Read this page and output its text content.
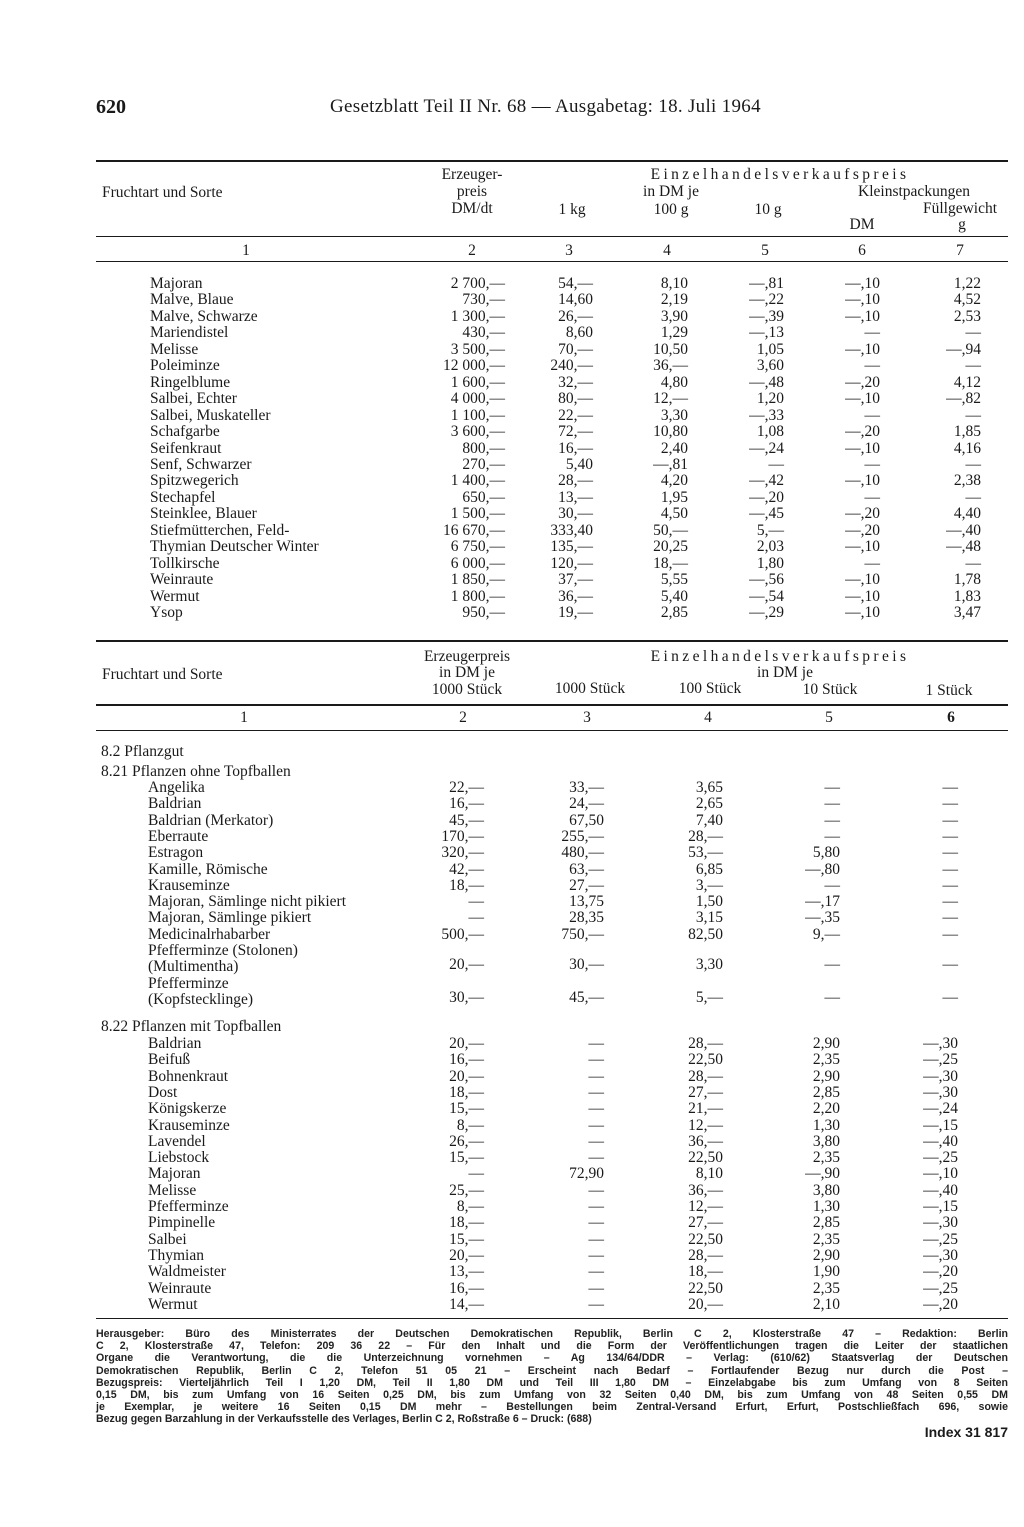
620	Gesetzblatt Teil II Nr. 68 — Ausgabetag: 18. Juli 1964
Fruchtart und Sorte
Erzeuger-
preis
DM/dt
Einzelhandelsverkaufspreis
in DM je
1 kg	100 g	10 g
Kleinstpackungen
Füllgewicht
DM	g
1	2	3	4	5	6	7
Majoran	2 700,—	54,—	8,10	—,81	—,10	1,22
Malve, Blaue	730,—	14,60	2,19	—,22	—,10	4,52
Malve, Schwarze	1 300,—	26,—	3,90	—,39	—,10	2,53
Mariendistel	430,—	8,60	1,29	—,13	—	—
Melisse	3 500,—	70,—	10,50	1,05	—,10	—,94
Poleiminze	12 000,—	240,—	36,—	3,60	—	—
Ringelblume	1 600,—	32,—	4,80	—,48	—,20	4,12
Salbei, Echter	4 000,—	80,—	12,—	1,20	—,10	—,82
Salbei, Muskateller	1 100,—	22,—	3,30	—,33	—	—
Schafgarbe	3 600,—	72,—	10,80	1,08	—,20	1,85
Seifenkraut	800,—	16,—	2,40	—,24	—,10	4,16
Senf, Schwarzer	270,—	5,40	—,81	—	—	—
Spitzwegerich	1 400,—	28,—	4,20	—,42	—,10	2,38
Stechapfel	650,—	13,—	1,95	—,20	—	—
Steinklee, Blauer	1 500,—	30,—	4,50	—,45	—,20	4,40
Stiefmütterchen, Feld-	16 670,—	333,40	50,—	5,—	—,20	—,40
Thymian Deutscher Winter	6 750,—	135,—	20,25	2,03	—,10	—,48
Tollkirsche	6 000,—	120,—	18,—	1,80	—	—
Weinraute	1 850,—	37,—	5,55	—,56	—,10	1,78
Wermut	1 800,—	36,—	5,40	—,54	—,10	1,83
Ysop	950,—	19,—	2,85	—,29	—,10	3,47
Fruchtart und Sorte
Erzeugerpreis
in DM je
1000 Stück
Einzelhandelsverkaufspreis
in DM je
1000 Stück	100 Stück	10 Stück	1 Stück
1	2	3	4	5	6
8.2 Pflanzgut
8.21 Pflanzen ohne Topfballen
Angelika	22,—	33,—	3,65	—	—
Baldrian	16,—	24,—	2,65	—	—
Baldrian (Merkator)	45,—	67,50	7,40	—	—
Eberraute	170,—	255,—	28,—	—	—
Estragon	320,—	480,—	53,—	5,80	—
Kamille, Römische	42,—	63,—	6,85	—,80	—
Krauseminze	18,—	27,—	3,—	—	—
Majoran, Sämlinge nicht pikiert	—	13,75	1,50	—,17	—
Majoran, Sämlinge pikiert	—	28,35	3,15	—,35	—
Medicinalrhabarber	500,—	750,—	82,50	9,—	—
Pfefferminze (Stolonen)
(Multimentha)	20,—	30,—	3,30	—	—
Pfefferminze
(Kopfstecklinge)	30,—	45,—	5,—	—	—
8.22 Pflanzen mit Topfballen
Baldrian	20,—	—	28,—	2,90	—,30
Beifuß	16,—	—	22,50	2,35	—,25
Bohnenkraut	20,—	—	28,—	2,90	—,30
Dost	18,—	—	27,—	2,85	—,30
Königskerze	15,—	—	21,—	2,20	—,24
Krauseminze	8,—	—	12,—	1,30	—,15
Lavendel	26,—	—	36,—	3,80	—,40
Liebstock	15,—	—	22,50	2,35	—,25
Majoran	—	72,90	8,10	—,90	—,10
Melisse	25,—	—	36,—	3,80	—,40
Pfefferminze	8,—	—	12,—	1,30	—,15
Pimpinelle	18,—	—	27,—	2,85	—,30
Salbei	15,—	—	22,50	2,35	—,25
Thymian	20,—	—	28,—	2,90	—,30
Waldmeister	13,—	—	18,—	1,90	—,20
Weinraute	16,—	—	22,50	2,35	—,25
Wermut	14,—	—	20,—	2,10	—,20

Herausgeber: Büro des Ministerrates der Deutschen Demokratischen Republik, Berlin C 2, Klosterstraße 47 – Redaktion: Berlin

C 2, Klosterstraße 47, Telefon: 209 36 22 – Für den Inhalt und die Form der Veröffentlichungen tragen die Leiter der staatlichen

Organe die Verantwortung, die die Unterzeichnung vornehmen – Ag 134/64/DDR – Verlag: (610/62) Staatsverlag der Deutschen

Demokratischen Republik, Berlin C 2, Telefon 51 05 21 – Erscheint nach Bedarf – Fortlaufender Bezug nur durch die Post –

Bezugspreis: Vierteljährlich Teil I 1,20 DM, Teil II 1,80 DM und Teil III 1,80 DM – Einzelabgabe bis zum Umfang von 8 Seiten

0,15 DM, bis zum Umfang von 16 Seiten 0,25 DM, bis zum Umfang von 32 Seiten 0,40 DM, bis zum Umfang von 48 Seiten 0,55 DM

je Exemplar, je weitere 16 Seiten 0,15 DM mehr – Bestellungen beim Zentral-Versand Erfurt, Erfurt, Postschließfach 696, sowie

Bezug gegen Barzahlung in der Verkaufsstelle des Verlages, Berlin C 2, Roßstraße 6 – Druck: (688)

Index 31 817
